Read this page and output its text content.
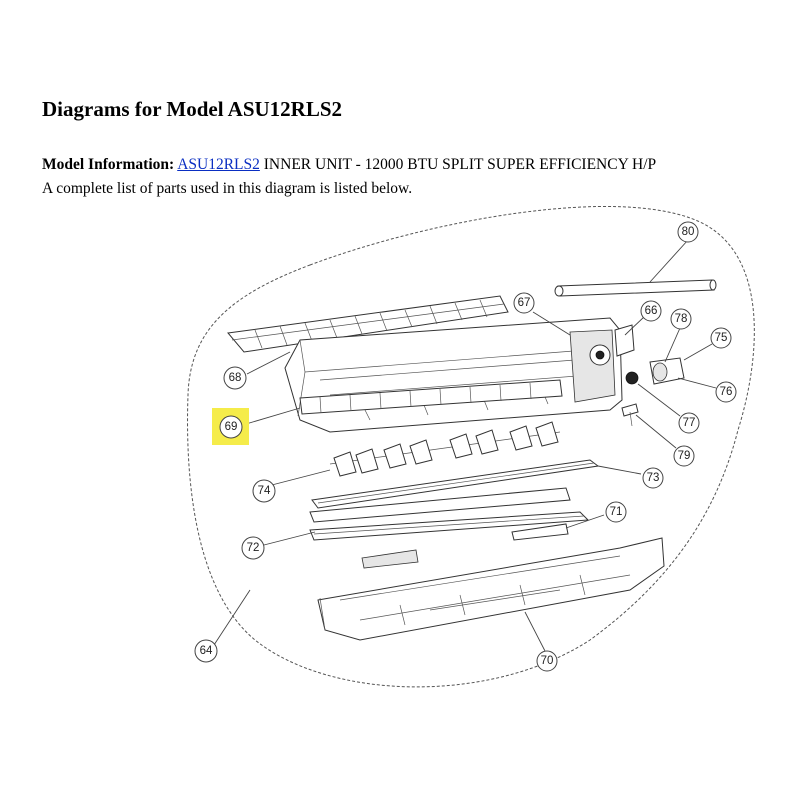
Diagrams for Model ASU12RLS2
Model Information: ASU12RLS2 INNER UNIT - 12000 BTU SPLIT SUPER EFFICIENCY H/P
A complete list of parts used in this diagram is listed below.
80
67
66
78
75
76
77
79
68
69
73
74
71
72
64
70
